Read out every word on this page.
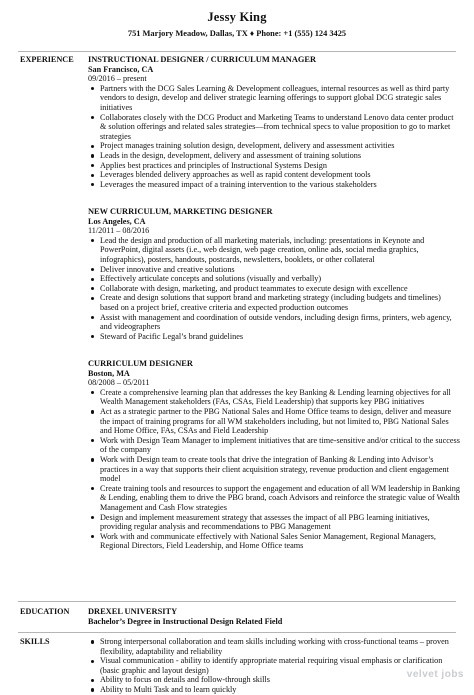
Jessy King
751 Marjory Meadow, Dallas, TX ♦ Phone: +1 (555) 124 3425
EXPERIENCE INSTRUCTIONAL DESIGNER / CURRICULUM MANAGER

San Francisco, CA

09/2016 – present

Partners with the DCG Sales Learning & Development colleagues, internal resources as well as third party vendors to design, develop and deliver strategic learning offerings to support global DCG strategic sales initiatives
Collaborates closely with the DCG Product and Marketing Teams to understand Lenovo data center product & solution offerings and related sales strategies—from technical specs to value proposition to go to market strategies
Project manages training solution design, development, delivery and assessment activities
Leads in the design, development, delivery and assessment of training solutions
Applies best practices and principles of Instructional Systems Design
Leverages blended delivery approaches as well as rapid content development tools
Leverages the measured impact of a training intervention to the various stakeholders

NEW CURRICULUM, MARKETING DESIGNER

Los Angeles, CA

11/2011 – 08/2016

Lead the design and production of all marketing materials, including: presentations in Keynote and PowerPoint, digital assets (i.e., web design, web page creation, online ads, social media graphics, infographics), posters, handouts, postcards, newsletters, booklets, or other collateral
Deliver innovative and creative solutions
Effectively articulate concepts and solutions (visually and verbally)
Collaborate with design, marketing, and product teammates to execute design with excellence
Create and design solutions that support brand and marketing strategy (including budgets and timelines) based on a project brief, creative criteria and expected production outcomes
Assist with management and coordination of outside vendors, including design firms, printers, web agency, and videographers
Steward of Pacific Legal’s brand guidelines

CURRICULUM DESIGNER

Boston, MA

08/2008 – 05/2011

Create a comprehensive learning plan that addresses the key Banking & Lending learning objectives for all Wealth Management stakeholders (FAs, CSAs, Field Leadership) that supports key PBG initiatives
Act as a strategic partner to the PBG National Sales and Home Office teams to design, deliver and measure the impact of training programs for all WM stakeholders including, but not limited to, PBG National Sales and Home Office, FAs, CSAs and Field Leadership
Work with Design Team Manager to implement initiatives that are time-sensitive and/or critical to the success of the company
Work with Design team to create tools that drive the integration of Banking & Lending into Advisor’s practices in a way that supports their client acquisition strategy, revenue production and client engagement model
Create training tools and resources to support the engagement and education of all WM leadership in Banking & Lending, enabling them to drive the PBG brand, coach Advisors and reinforce the strategic value of Wealth Management and Cash Flow strategies
Design and implement measurement strategy that assesses the impact of all PBG learning initiatives, providing regular analysis and recommendations to PBG Management
Work with and communicate effectively with National Sales Senior Management, Regional Managers, Regional Directors, Field Leadership, and Home Office teams
EDUCATION DREXEL UNIVERSITY

Bachelor’s Degree in Instructional Design Related Field

SKILLS	Strong interpersonal collaboration and team skills including working with cross-functional teams – proven flexibility, adaptability and reliability
Visual communication - ability to identify appropriate material requiring visual emphasis or clarification (basic graphic and layout design)
Ability to focus on details and follow-through skills
Ability to Multi Task and to learn quickly
velvet jobs
